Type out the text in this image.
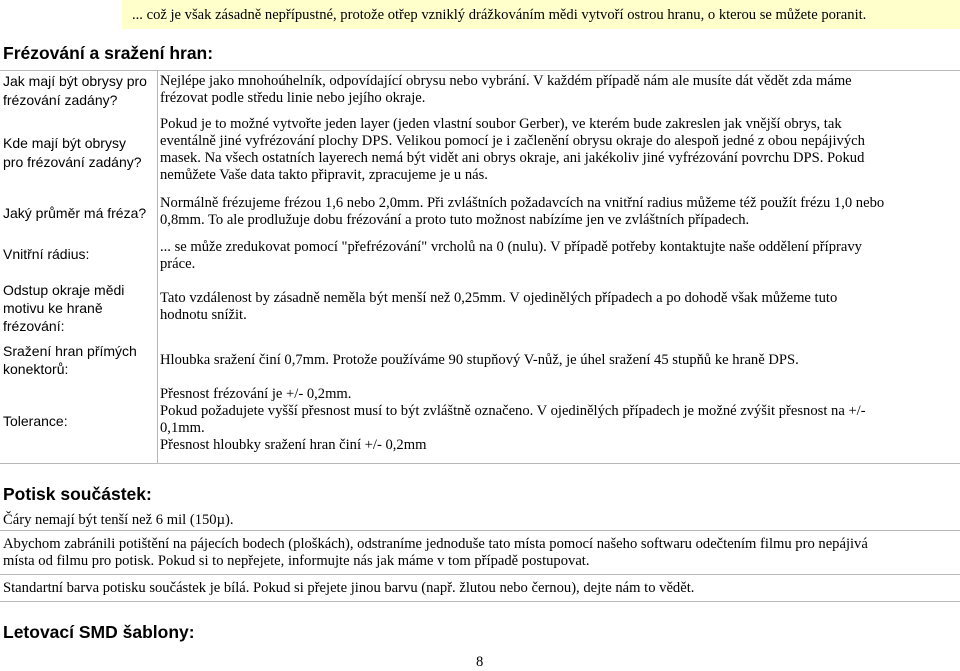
... což je však zásadně nepřípustné, protože otřep vzniklý drážkováním mědi vytvoří ostrou hranu, o kterou se můžete poranit.
Frézování a sražení hran:
Jak mají být obrysy pro
frézování zadány?
Kde mají být obrysy
pro frézování zadány?
Jaký průměr má fréza?
Vnitřní rádius:
Odstup okraje mědi
motivu ke hraně
frézování:
Sražení hran přímých
konektorů:
Tolerance:
Nejlépe jako mnohoúhelník, odpovídající obrysu nebo vybrání. V každém případě nám ale musíte dát vědět zda máme
frézovat podle středu linie nebo jejího okraje.
Pokud je to možné vytvořte jeden layer (jeden vlastní soubor Gerber), ve kterém bude zakreslen jak vnější obrys, tak
eventálně jiné vyfrézování plochy DPS. Velikou pomocí je i začlenění obrysu okraje do alespoň jedné z obou nepájivých
masek. Na všech ostatních layerech nemá být vidět ani obrys okraje, ani jakékoliv jiné vyfrézování povrchu DPS. Pokud
nemůžete Vaše data takto připravit, zpracujeme je u nás.
Normálně frézujeme frézou 1,6 nebo 2,0mm. Při zvláštních požadavcích na vnitřní radius můžeme též použít frézu 1,0 nebo
0,8mm. To ale prodlužuje dobu frézování a proto tuto možnost nabízíme jen ve zvláštních případech.
... se může zredukovat pomocí "přefrézování" vrcholů na 0 (nulu). V případě potřeby kontaktujte naše oddělení přípravy
práce.
Tato vzdálenost by zásadně neměla být menší než 0,25mm. V ojedinělých případech a po dohodě však můžeme tuto
hodnotu snížit.
Hloubka sražení činí 0,7mm. Protože používáme 90 stupňový V-nůž, je úhel sražení 45 stupňů ke hraně DPS.
Přesnost frézování je +/- 0,2mm.
Pokud požadujete vyšší přesnost musí to být zvláštně označeno. V ojedinělých případech je možné zvýšit přesnost na +/-
0,1mm.
Přesnost hloubky sražení hran činí +/- 0,2mm
Potisk součástek:
Čáry nemají být tenší než 6 mil (150µ).
Abychom zabránili potištění na pájecích bodech (ploškách), odstraníme jednoduše tato místa pomocí našeho softwaru odečtením filmu pro nepájivá
místa od filmu pro potisk. Pokud si to nepřejete, informujte nás jak máme v tom případě postupovat.
Standartní barva potisku součástek je bílá. Pokud si přejete jinou barvu (např. žlutou nebo černou), dejte nám to vědět.
Letovací SMD šablony:
8
